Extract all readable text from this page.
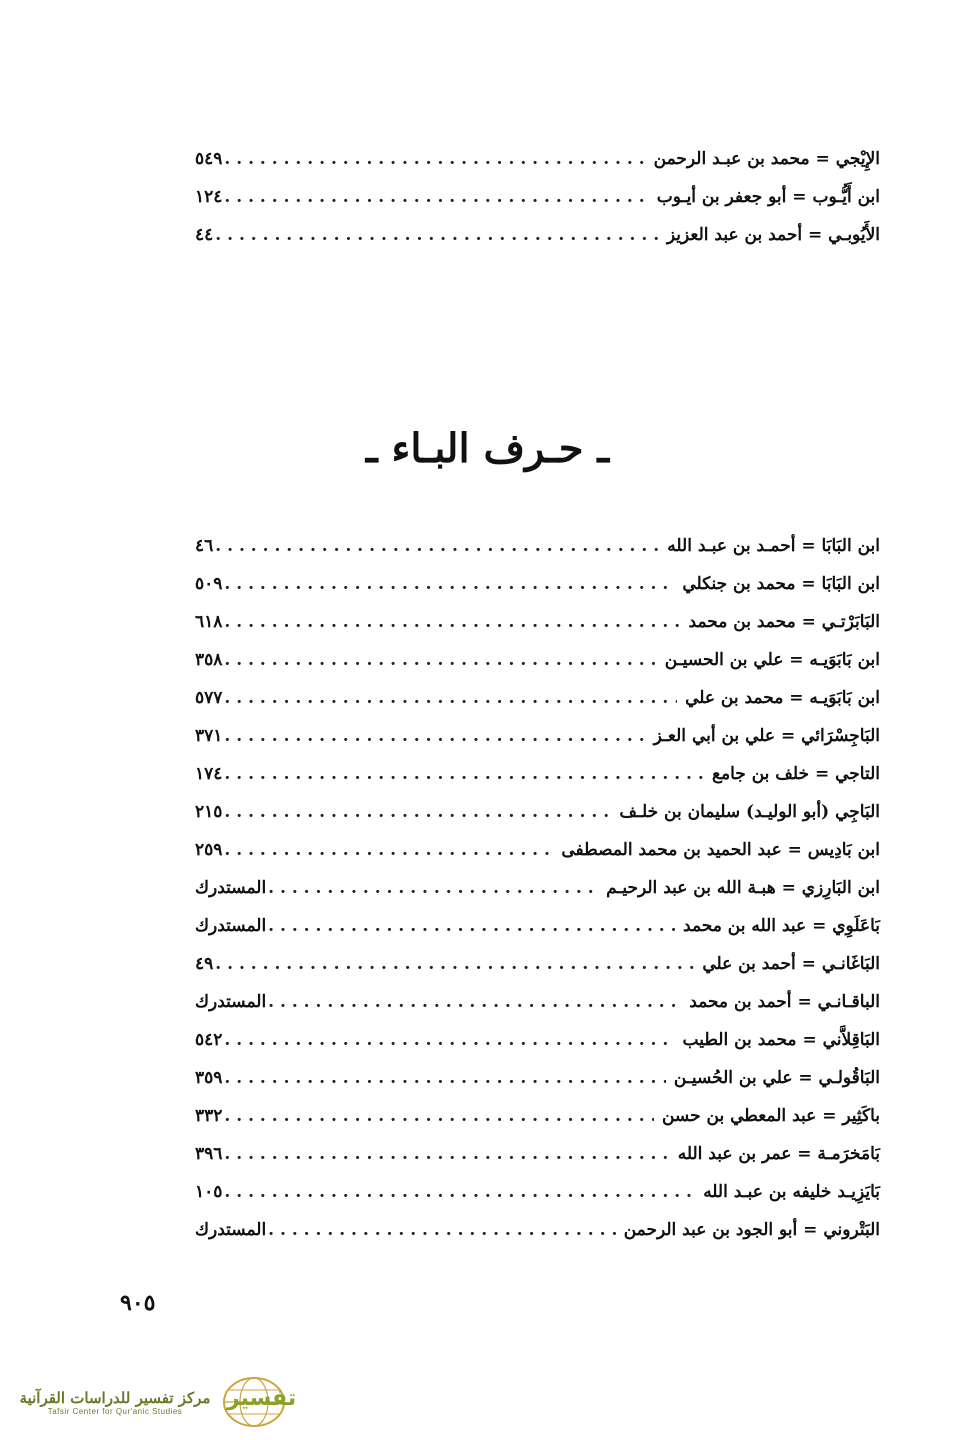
الإِيْجي = محمد بن عبـد الرحمن
. . .
٥٤٩
ابن أَيُّـوب = أبو جعفر بن أيـوب
. . .
١٢٤
الأَيُوبـي = أحمد بن عبد العزيز
. . .
٤٤
ـ حـرف البـاء ـ
ابن البَابَا = أحمـد بن عبـد الله
. . .
٤٦
ابن البَابَا = محمد بن جنكلي
. . .
٥٠٩
البَابَرْتـي = محمد بن محمد
. . .
٦١٨
ابن بَابَوَيـه = علي بن الحسيـن
. . .
٣٥٨
ابن بَابَوَيـه = محمد بن علي
. . .
٥٧٧
البَاجِسْرَائي = علي بن أبي العـز
. . .
٣٧١
التاجي = خلف بن جامع
. . .
١٧٤
البَاجِي (أبو الوليـد) سليمان بن خلـف
. . .
٢١٥
ابن بَادِيس = عبد الحميد بن محمد المصطفى
. . .
٢٥٩
ابن البَارِزي = هبـة الله بن عبد الرحيـم
. . .
المستدرك
بَاعَلَوِي = عبد الله بن محمد
. . .
المستدرك
البَاغَانـي = أحمد بن علي
. . .
٤٩
الباقـانـي = أحمد بن محمد
. . .
المستدرك
البَاقِلاَّني = محمد بن الطيب
. . .
٥٤٢
البَاقُولـي = علي بن الحُسيـن
. . .
٣٥٩
باكَثِير = عبد المعطي بن حسن
. . .
٣٣٢
بَامَخرَمـة = عمر بن عبد الله
. . .
٣٩٦
بَايَزِيـد خليفه بن عبـد الله
. . .
١٠٥
البَتْروني = أبو الجود بن عبد الرحمن
. . .
المستدرك
٩٠٥
مركز تفسير للدراسات القرآنية
Tafsir Center for Qur'anic Studies	تفسير
